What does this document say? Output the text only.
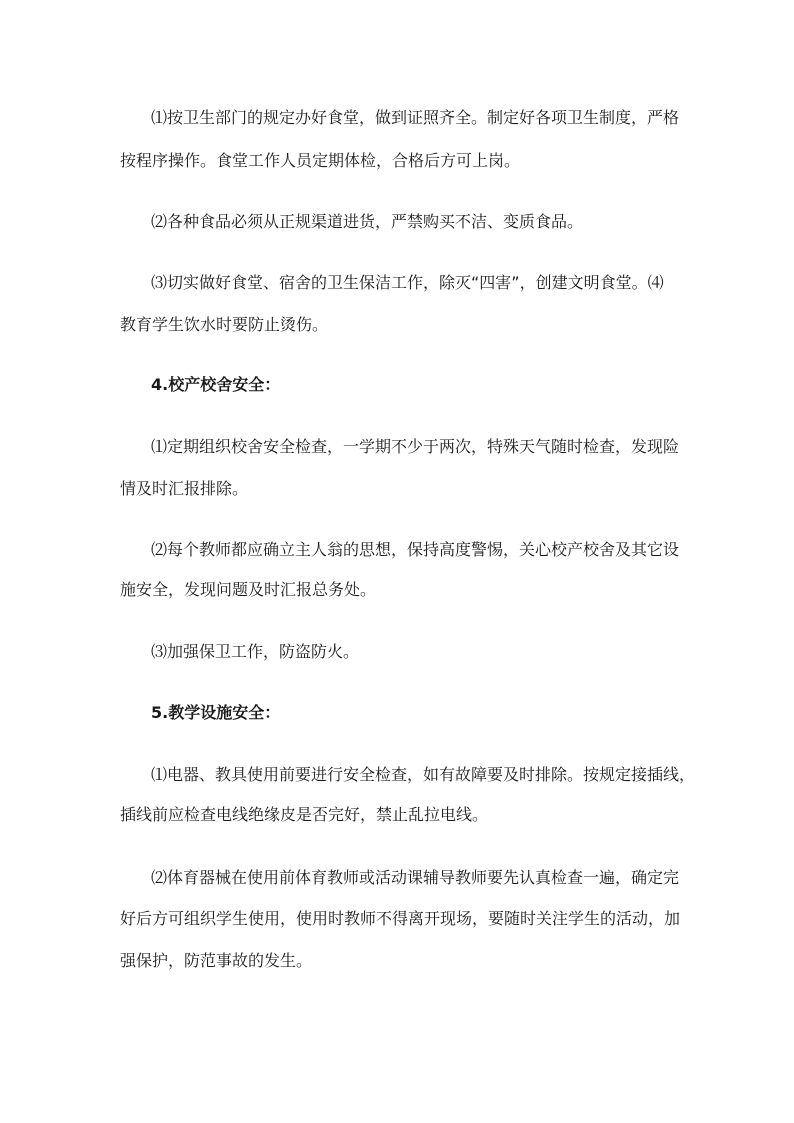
⑴按卫生部门的规定办好食堂，做到证照齐全。制定好各项卫生制度，严格
按程序操作。食堂工作人员定期体检，合格后方可上岗。
⑵各种食品必须从正规渠道进货，严禁购买不洁、变质食品。
⑶切实做好食堂、宿舍的卫生保洁工作，除灭“四害”，创建文明食堂。⑷
教育学生饮水时要防止烫伤。
4.校产校舍安全：
⑴定期组织校舍安全检查，一学期不少于两次，特殊天气随时检查，发现险
情及时汇报排除。
⑵每个教师都应确立主人翁的思想，保持高度警惕，关心校产校舍及其它设
施安全，发现问题及时汇报总务处。
⑶加强保卫工作，防盗防火。
5.教学设施安全：
⑴电器、教具使用前要进行安全检查，如有故障要及时排除。按规定接插线，
插线前应检查电线绝缘皮是否完好，禁止乱拉电线。
⑵体育器械在使用前体育教师或活动课辅导教师要先认真检查一遍，确定完
好后方可组织学生使用，使用时教师不得离开现场，要随时关注学生的活动，加
强保护，防范事故的发生。
